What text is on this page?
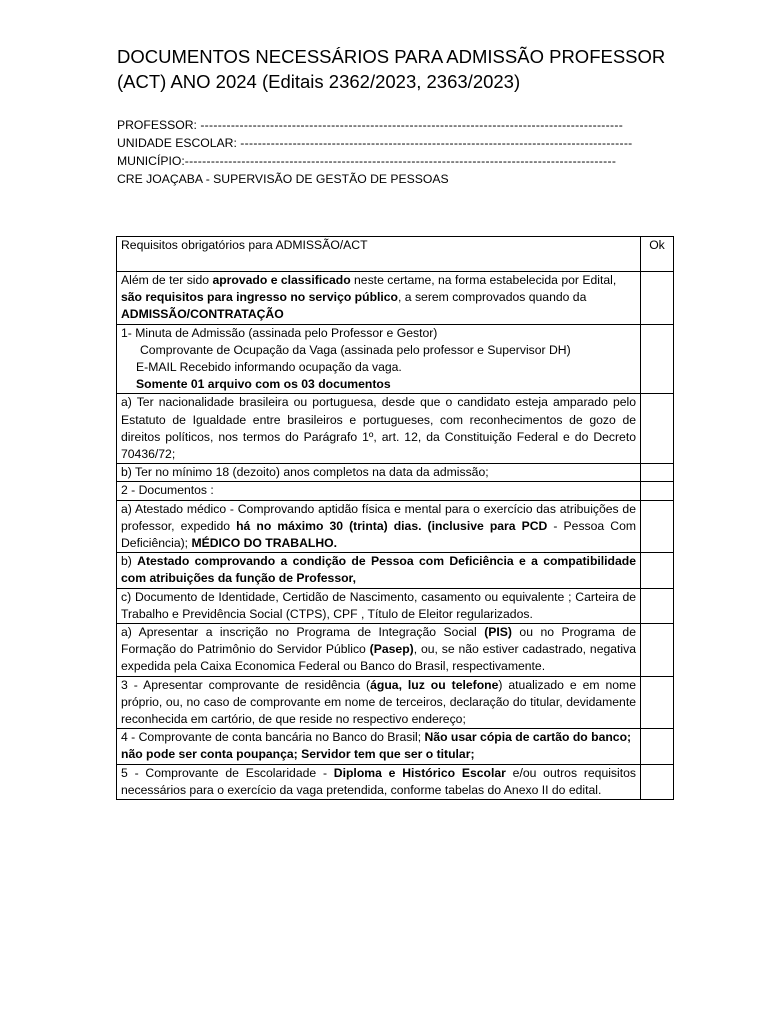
DOCUMENTOS NECESSÁRIOS PARA ADMISSÃO PROFESSOR
(ACT) ANO 2024 (Editais 2362/2023, 2363/2023)
PROFESSOR: -------------------------------------------------------------------------------------------------
UNIDADE ESCOLAR: ------------------------------------------------------------------------------------------
MUNICÍPIO:---------------------------------------------------------------------------------------------------
CRE JOAÇABA - SUPERVISÃO DE GESTÃO DE PESSOAS
Requisitos obrigatórios para ADMISSÃO/ACT	Ok
Além de ter sido aprovado e classificado neste certame, na forma estabelecida por Edital, são requisitos para ingresso no serviço público, a serem comprovados quando da ADMISSÃO/CONTRATAÇÃO	

1- Minuta de Admissão (assinada pelo Professor e Gestor)
Comprovante de Ocupação da Vaga (assinada pelo professor e Supervisor DH)
E-MAIL Recebido informando ocupação da vaga.
Somente 01 arquivo com os 03 documentos	

a) Ter nacionalidade brasileira ou portuguesa, desde que o candidato esteja amparado pelo Estatuto de Igualdade entre brasileiros e portugueses, com reconhecimentos de gozo de direitos políticos, nos termos do Parágrafo 1º, art. 12, da Constituição Federal e do Decreto 70436/72;	
b) Ter no mínimo 18 (dezoito) anos completos na data da admissão;	
2 - Documentos :	
a) Atestado médico - Comprovando aptidão física e mental para o exercício das atribuições de professor, expedido há no máximo 30 (trinta) dias. (inclusive para PCD - Pessoa Com Deficiência); MÉDICO DO TRABALHO.	
b) Atestado comprovando a condição de Pessoa com Deficiência e a compatibilidade com atribuições da função de Professor,	
c) Documento de Identidade, Certidão de Nascimento, casamento ou equivalente ; Carteira de Trabalho e Previdência Social (CTPS), CPF , Título de Eleitor regularizados.	
a) Apresentar a inscrição no Programa de Integração Social (PIS) ou no Programa de Formação do Patrimônio do Servidor Público (Pasep), ou, se não estiver cadastrado, negativa expedida pela Caixa Economica Federal ou Banco do Brasil, respectivamente.	
3 - Apresentar comprovante de residência (água, luz ou telefone) atualizado e em nome próprio, ou, no caso de comprovante em nome de terceiros, declaração do titular, devidamente reconhecida em cartório, de que reside no respectivo endereço;	
4 - Comprovante de conta bancária no Banco do Brasil; Não usar cópia de cartão do banco; não pode ser conta poupança; Servidor tem que ser o titular;	
5 - Comprovante de Escolaridade - Diploma e Histórico Escolar e/ou outros requisitos necessários para o exercício da vaga pretendida, conforme tabelas do Anexo II do edital.	
